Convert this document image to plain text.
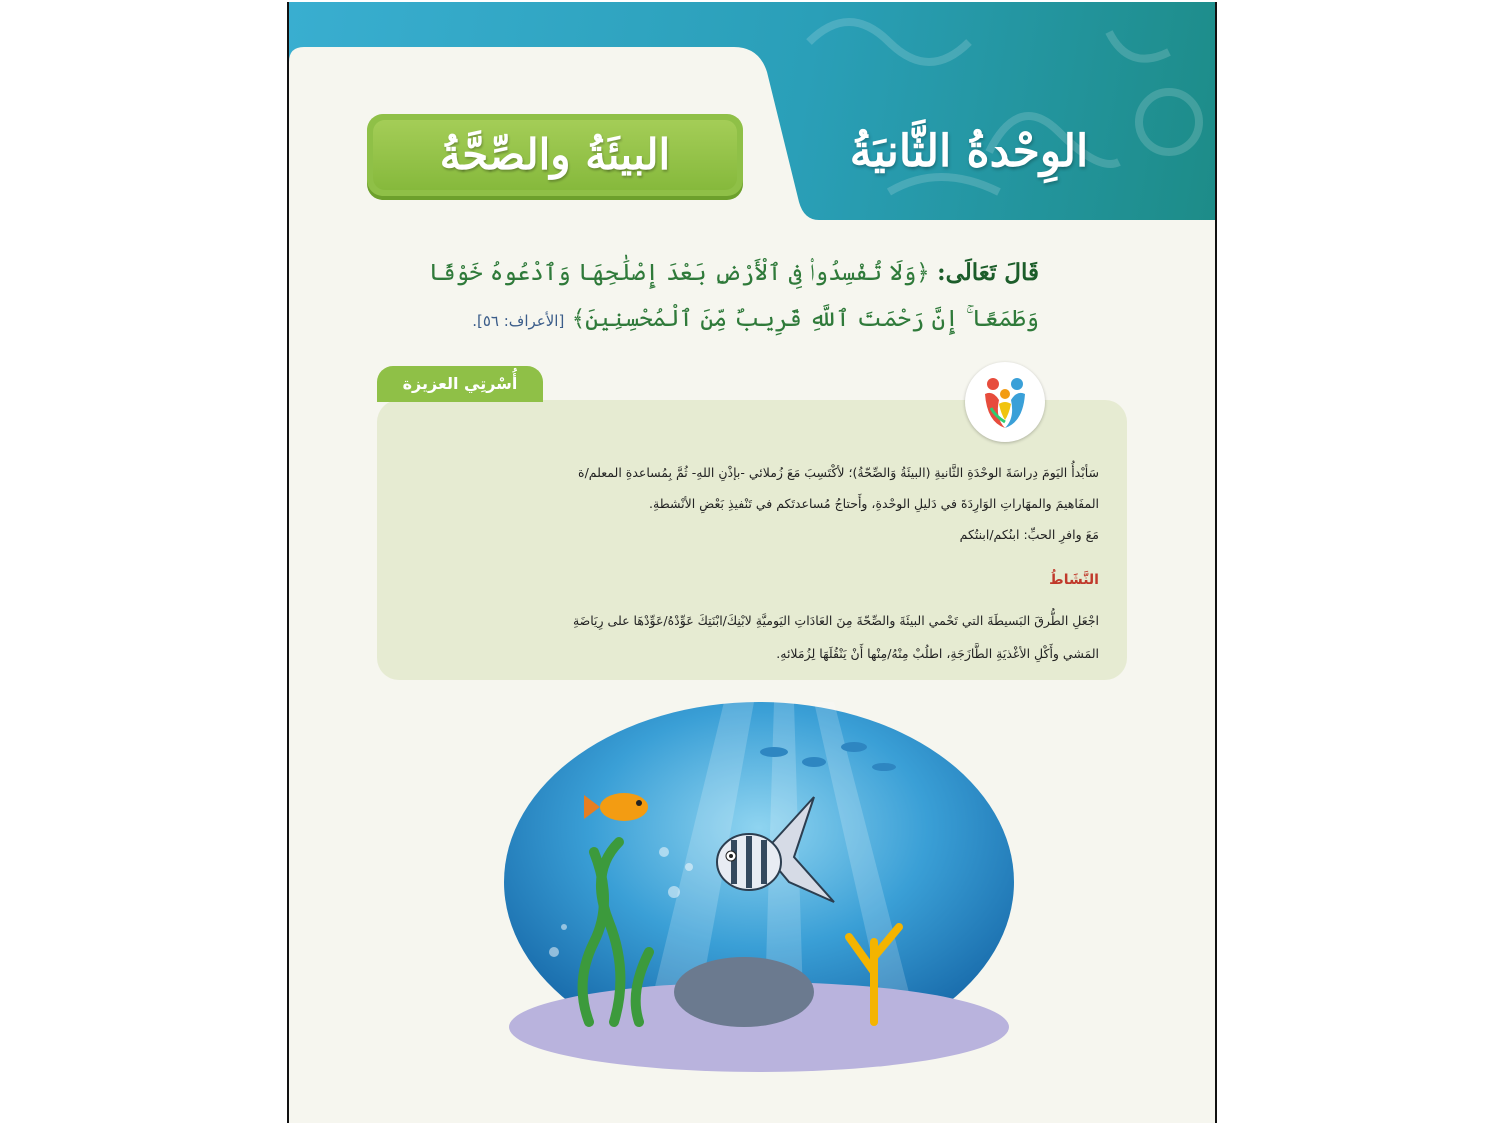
الوِحْدةُ الثَّانيَةُ
البيئَةُ والصِّحَّةُ
قَالَ تَعَالَى: ﴿وَلَا تُفْسِدُوا۟ فِى ٱلْأَرْضِ بَعْدَ إِصْلَٰحِهَا وَٱدْعُوهُ خَوْفًا وَطَمَعًا ۚ إِنَّ رَحْمَتَ ٱللَّهِ قَرِيبٌ مِّنَ ٱلْمُحْسِنِينَ﴾ [الأعراف: ٥٦].
أُسْرتِي العزيزة

سَأبْدأُ اليَومَ دِراسَةَ الوحْدَةِ الثَّانيةِ (البيئَةُ وَالصِّحّةُ)؛ لأكْتَسِبَ مَعَ زُملائي -بإذْنِ اللهِ- ثُمَّ بِمُساعدةِ المعلم/ة

المفَاهيمَ والمهَاراتِ الوَارِدَةَ في دَليلِ الوحْدةِ، وأَحتاجُ مُساعدتَكم في تَنْفيذِ بَعْضِ الأنْشطةِ.

مَعَ وافرِ الحبِّ: ابنُكم/ابنتُكم

النَّشَاطُ
اجْعَلِ الطُّرقَ البَسيطَةَ التي تَحْمي البيئَةَ والصِّحّةَ مِنَ العَادَاتِ اليَوميَّةِ لابْنِكَ/ابْنَتِكَ عَوِّدْهُ/عَوِّدْهَا على رِيَاضَةِ
المَشي وأَكْلِ الأغْذيَةِ الطَّازَجَةِ، اطلُبْ مِنْهُ/مِنْها أَنْ يَنْقُلَهَا لِزُمَلائهِ.
